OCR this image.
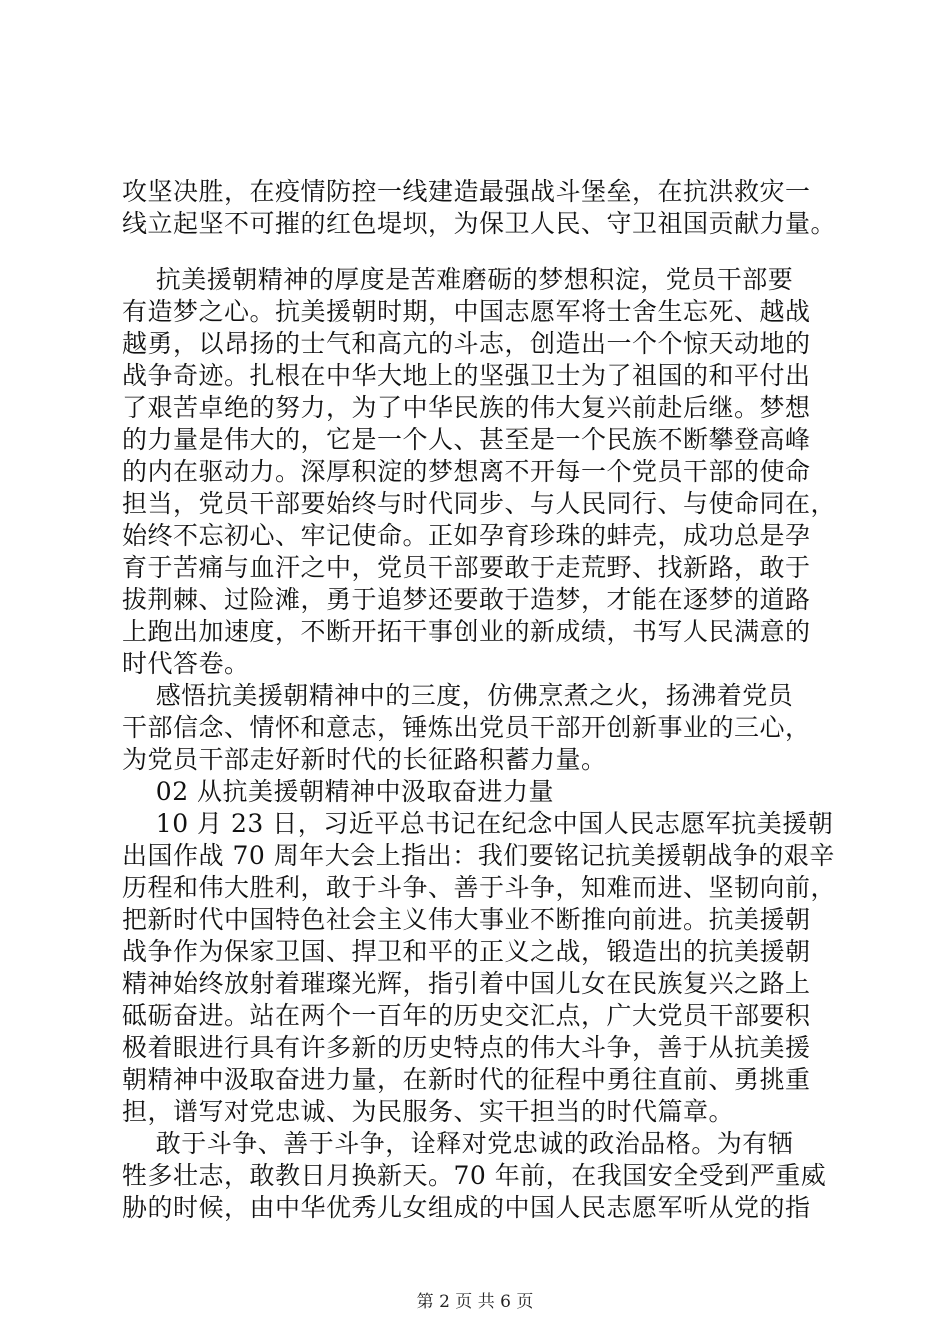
攻坚决胜，在疫情防控一线建造最强战斗堡垒，在抗洪救灾一
线立起坚不可摧的红色堤坝，为保卫人民、守卫祖国贡献力量。
抗美援朝精神的厚度是苦难磨砺的梦想积淀，党员干部要
有造梦之心。抗美援朝时期，中国志愿军将士舍生忘死、越战
越勇，以昂扬的士气和高亢的斗志，创造出一个个惊天动地的
战争奇迹。扎根在中华大地上的坚强卫士为了祖国的和平付出
了艰苦卓绝的努力，为了中华民族的伟大复兴前赴后继。梦想
的力量是伟大的，它是一个人、甚至是一个民族不断攀登高峰
的内在驱动力。深厚积淀的梦想离不开每一个党员干部的使命
担当，党员干部要始终与时代同步、与人民同行、与使命同在，
始终不忘初心、牢记使命。正如孕育珍珠的蚌壳，成功总是孕
育于苦痛与血汗之中，党员干部要敢于走荒野、找新路，敢于
拔荆棘、过险滩，勇于追梦还要敢于造梦，才能在逐梦的道路
上跑出加速度，不断开拓干事创业的新成绩，书写人民满意的
时代答卷。
感悟抗美援朝精神中的三度，仿佛烹煮之火，扬沸着党员
干部信念、情怀和意志，锤炼出党员干部开创新事业的三心，
为党员干部走好新时代的长征路积蓄力量。
02 从抗美援朝精神中汲取奋进力量
10 月 23 日，习近平总书记在纪念中国人民志愿军抗美援朝
出国作战 70 周年大会上指出：我们要铭记抗美援朝战争的艰辛
历程和伟大胜利，敢于斗争、善于斗争，知难而进、坚韧向前，
把新时代中国特色社会主义伟大事业不断推向前进。抗美援朝
战争作为保家卫国、捍卫和平的正义之战，锻造出的抗美援朝
精神始终放射着璀璨光辉，指引着中国儿女在民族复兴之路上
砥砺奋进。站在两个一百年的历史交汇点，广大党员干部要积
极着眼进行具有许多新的历史特点的伟大斗争，善于从抗美援
朝精神中汲取奋进力量，在新时代的征程中勇往直前、勇挑重
担，谱写对党忠诚、为民服务、实干担当的时代篇章。
敢于斗争、善于斗争，诠释对党忠诚的政治品格。为有牺
牲多壮志，敢教日月换新天。70 年前，在我国安全受到严重威
胁的时候，由中华优秀儿女组成的中国人民志愿军听从党的指
第 2 页 共 6 页
